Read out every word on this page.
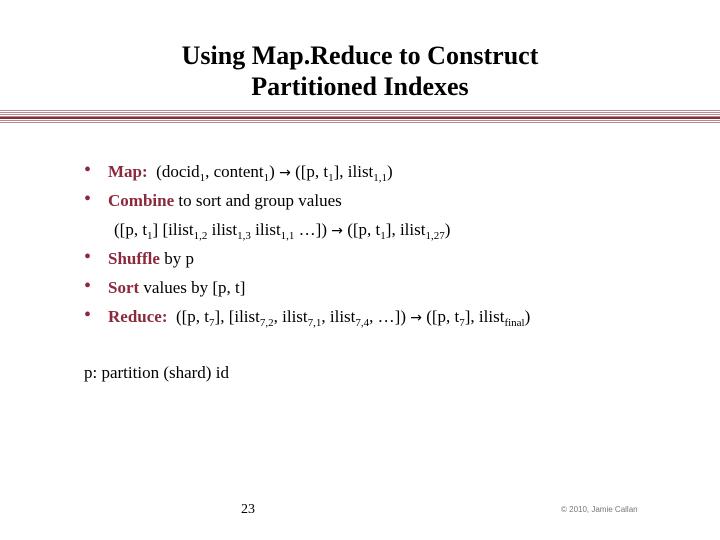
Using Map.Reduce to Construct
Partitioned Indexes
• Map: (docid$_1$, content$_1$) → ([p, $t_1$], ilist$_{1,1}$)
• Combine to sort and group values
([p, $t_1$] [ilist$_{1,2}$ ilist$_{1,3}$ ilist$_{1,1}$ …]) → ([p, $t_1$], ilist$_{1,27}$)
• Shuffle by p
• Sort values by [p, t]
• Reduce: ([p, $t_7$], [ilist$_{7,2}$, ilist$_{7,1}$, ilist$_{7,4}$, …]) → ([p, $t_7$], ilist$_{final}$)
p: partition (shard) id
23	© 2010, Jamie Callan
